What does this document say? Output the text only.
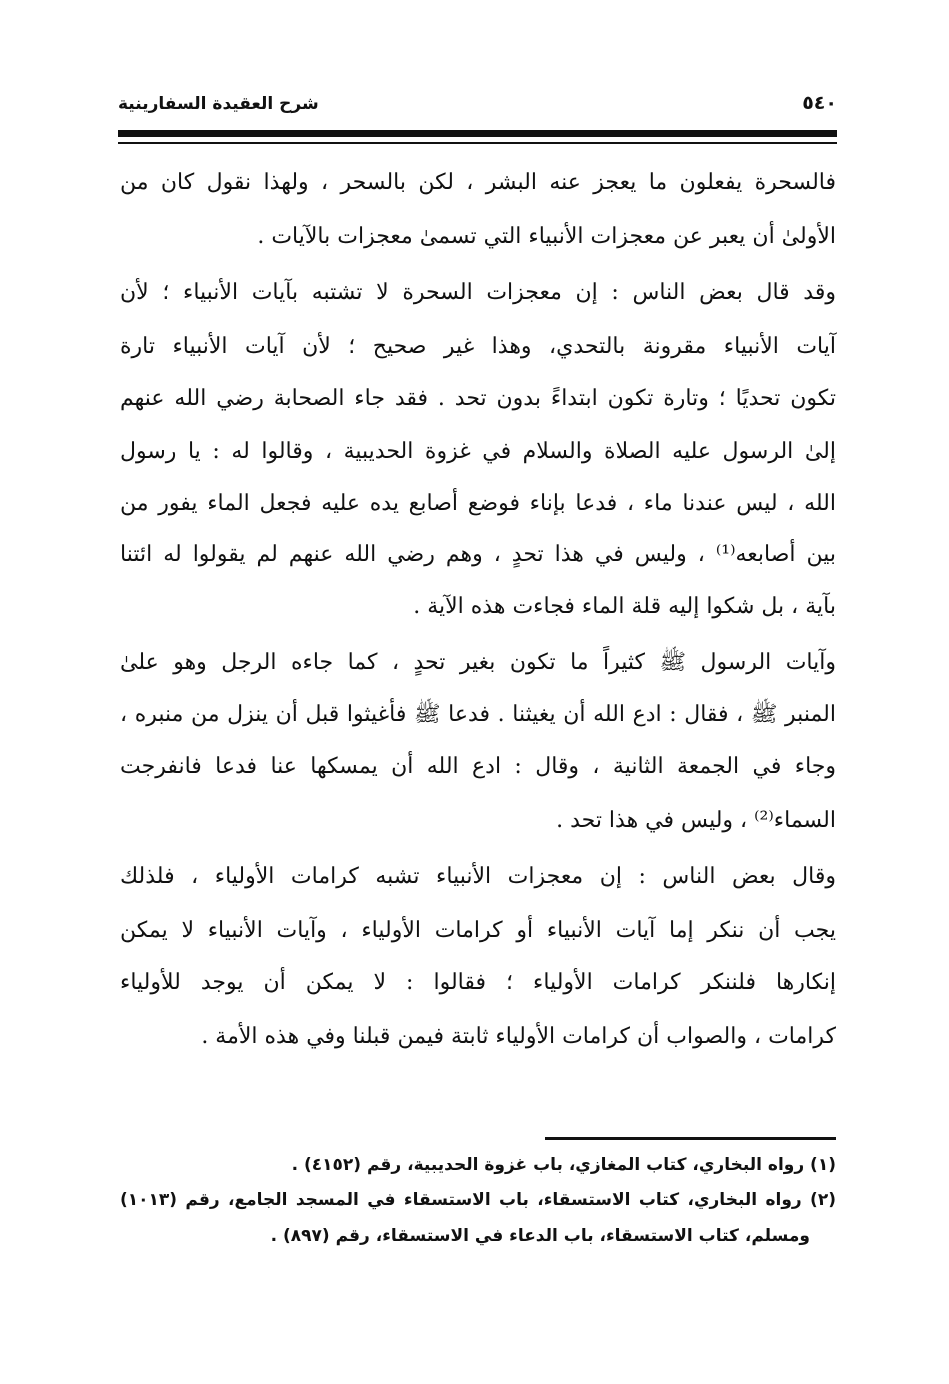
شرح العقيدة السفارينية	٥٤٠
فالسحرة يفعلون ما يعجز عنه البشر ، لكن بالسحر ، ولهذا نقول كان من
الأولىٰ أن يعبر عن معجزات الأنبياء التي تسمىٰ معجزات بالآيات .
وقد قال بعض الناس : إن معجزات السحرة لا تشتبه بآيات الأنبياء ؛ لأن
آيات الأنبياء مقرونة بالتحدي، وهذا غير صحيح ؛ لأن آيات الأنبياء تارة
تكون تحديًا ؛ وتارة تكون ابتداءً بدون تحد . فقد جاء الصحابة رضي الله عنهم
إلىٰ الرسول عليه الصلاة والسلام في غزوة الحديبية ، وقالوا له : يا رسول
الله ، ليس عندنا ماء ، فدعا بإناء فوضع أصابع يده عليه فجعل الماء يفور من
بين أصابعه⁽¹⁾ ، وليس في هذا تحدٍ ، وهم رضي الله عنهم لم يقولوا له ائتنا
بآية ، بل شكوا إليه قلة الماء فجاءت هذه الآية .
وآيات الرسول ﷺ كثيراً ما تكون بغير تحدٍ ، كما جاءه الرجل وهو علىٰ
المنبر ﷺ ، فقال : ادع الله أن يغيثنا . فدعا ﷺ فأغيثوا قبل أن ينزل من منبره ،
وجاء في الجمعة الثانية ، وقال : ادع الله أن يمسكها عنا فدعا فانفرجت
السماء⁽²⁾ ، وليس في هذا تحد .
وقال بعض الناس : إن معجزات الأنبياء تشبه كرامات الأولياء ، فلذلك
يجب أن ننكر إما آيات الأنبياء أو كرامات الأولياء ، وآيات الأنبياء لا يمكن
إنكارها فلننكر كرامات الأولياء ؛ فقالوا : لا يمكن أن يوجد للأولياء
كرامات ، والصواب أن كرامات الأولياء ثابتة فيمن قبلنا وفي هذه الأمة .
(١) رواه البخاري، كتاب المغازي، باب غزوة الحديبية، رقم (٤١٥٢) .
(٢) رواه البخاري، كتاب الاستسقاء، باب الاستسقاء في المسجد الجامع، رقم (١٠١٣)
ومسلم، كتاب الاستسقاء، باب الدعاء في الاستسقاء، رقم (٨٩٧) .
